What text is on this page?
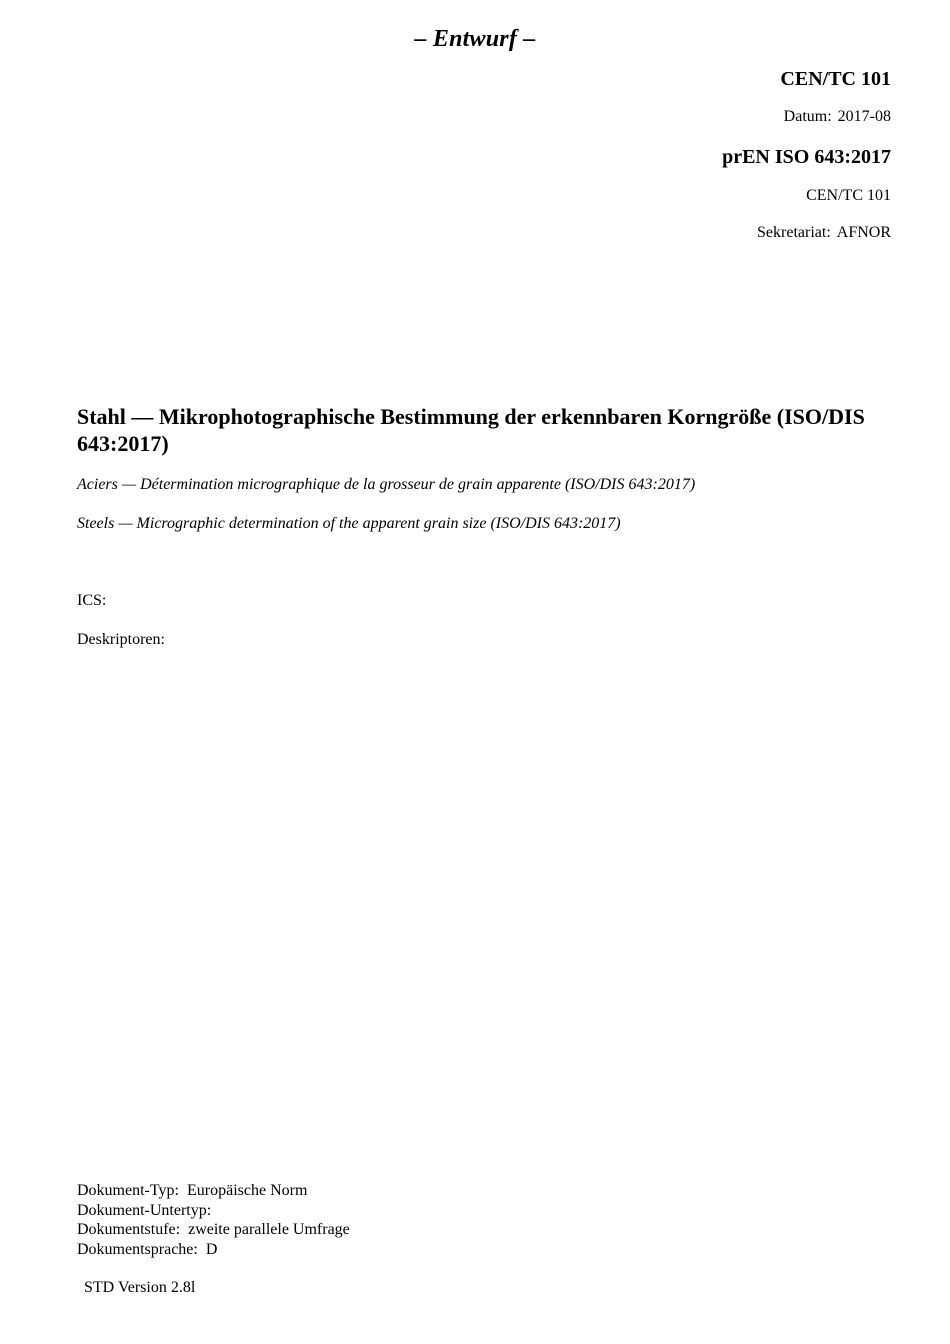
– Entwurf –
CEN/TC 101
Datum: 2017-08
prEN ISO 643:2017
CEN/TC 101
Sekretariat: AFNOR
Stahl — Mikrophotographische Bestimmung der erkennbaren Korngröße (ISO/DIS 643:2017)
Aciers — Détermination micrographique de la grosseur de grain apparente (ISO/DIS 643:2017)
Steels — Micrographic determination of the apparent grain size (ISO/DIS 643:2017)
ICS:
Deskriptoren:
Dokument-Typ: Europäische Norm
Dokument-Untertyp:
Dokumentstufe: zweite parallele Umfrage
Dokumentsprache: D
STD Version 2.8l
